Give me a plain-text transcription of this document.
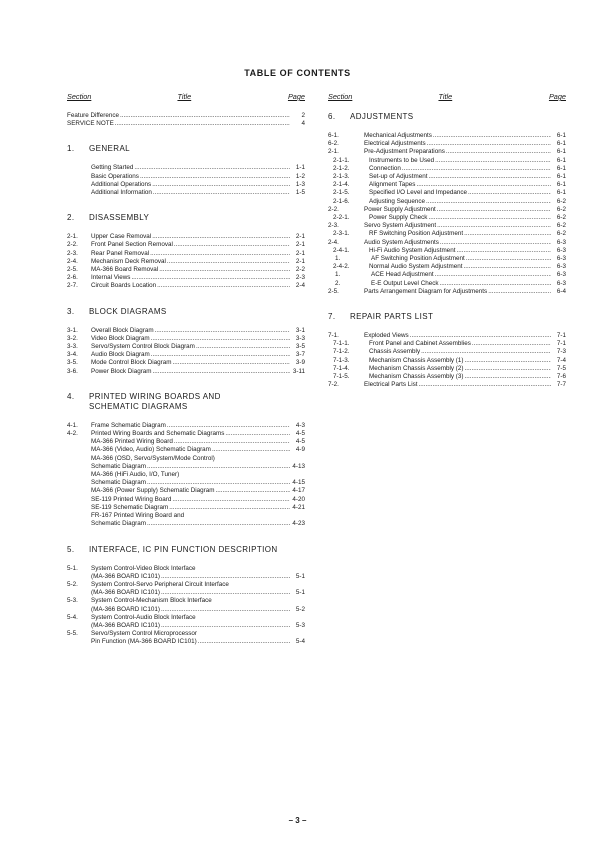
TABLE OF CONTENTS
Section	Title	Page
Feature Difference .....	2
SERVICE NOTE .....	4
1.	GENERAL
Getting Started .....	1-1
Basic Operations .....	1-2
Additional Operations .....	1-3
Additional Information .....	1-5
2.	DISASSEMBLY
2-1.	Upper Case Removal .....	2-1
2-2.	Front Panel Section Removal .....	2-1
2-3.	Rear Panel Removal .....	2-1
2-4.	Mechanism Deck Removal .....	2-1
2-5.	MA-366 Board Removal .....	2-2
2-6.	Internal Views .....	2-3
2-7.	Circuit Boards Location .....	2-4
3.	BLOCK DIAGRAMS
3-1.	Overall Block Diagram .....	3-1
3-2.	Video Block Diagram .....	3-3
3-3.	Servo/System Control Block Diagram .....	3-5
3-4.	Audio Block Diagram .....	3-7
3-5.	Mode Control Block Diagram .....	3-9
3-6.	Power Block Diagram .....	3-11
4.	PRINTED WIRING BOARDS AND
SCHEMATIC DIAGRAMS
4-1.	Frame Schematic Diagram .....	4-3
4-2.	Printed Wiring Boards and Schematic Diagrams .....	4-5
MA-366 Printed Wiring Board .....	4-5
MA-366 (Video, Audio) Schematic Diagram .....	4-9
MA-366 (OSD, Servo/System/Mode Control)
Schematic Diagram .....	4-13
MA-366 (HiFi Audio, I/O, Tuner)
Schematic Diagram .....	4-15
MA-366 (Power Supply) Schematic Diagram .....	4-17
SE-119 Printed Wiring Board .....	4-20
SE-119 Schematic Diagram .....	4-21
FR-167 Printed Wiring Board and
Schematic Diagram .....	4-23
5.	INTERFACE, IC PIN FUNCTION DESCRIPTION
5-1.	System Control-Video Block Interface
(MA-366 BOARD IC101) .....	5-1
5-2.	System Control-Servo Peripheral Circuit Interface
(MA-366 BOARD IC101) .....	5-1
5-3.	System Control-Mechanism Block Interface
(MA-366 BOARD IC101) .....	5-2
5-4.	System Control-Audio Block Interface
(MA-366 BOARD IC101) .....	5-3
5-5.	Servo/System Control Microprocessor
Pin Function (MA-366 BOARD IC101) .....	5-4
Section	Title	Page
6.	ADJUSTMENTS
6-1.	Mechanical Adjustments .....	6-1
6-2.	Electrical Adjustments .....	6-1
2-1.	Pre-Adjustment Preparations .....	6-1
2-1-1.	Instruments to be Used .....	6-1
2-1-2.	Connection .....	6-1
2-1-3.	Set-up of Adjustment .....	6-1
2-1-4.	Alignment Tapes .....	6-1
2-1-5.	Specified I/O Level and Impedance .....	6-1
2-1-6.	Adjusting Sequence .....	6-2
2-2.	Power Supply Adjustment .....	6-2
2-2-1.	Power Supply Check .....	6-2
2-3.	Servo System Adjustment .....	6-2
2-3-1.	RF Switching Position Adjustment .....	6-2
2-4.	Audio System Adjustments .....	6-3
2-4-1.	Hi-Fi Audio System Adjustment .....	6-3
1.	AF Switching Position Adjustment .....	6-3
2-4-2.	Normal Audio System Adjustment .....	6-3
1.	ACE Head Adjustment .....	6-3
2.	E-E Output Level Check .....	6-3
2-5.	Parts Arrangement Diagram for Adjustments .....	6-4
7.	REPAIR PARTS LIST
7-1.	Exploded Views .....	7-1
7-1-1.	Front Panel and Cabinet Assemblies .....	7-1
7-1-2.	Chassis Assembly .....	7-3
7-1-3.	Mechanism Chassis Assembly (1) .....	7-4
7-1-4.	Mechanism Chassis Assembly (2) .....	7-5
7-1-5.	Mechanism Chassis Assembly (3) .....	7-6
7-2.	Electrical Parts List .....	7-7
– 3 –
